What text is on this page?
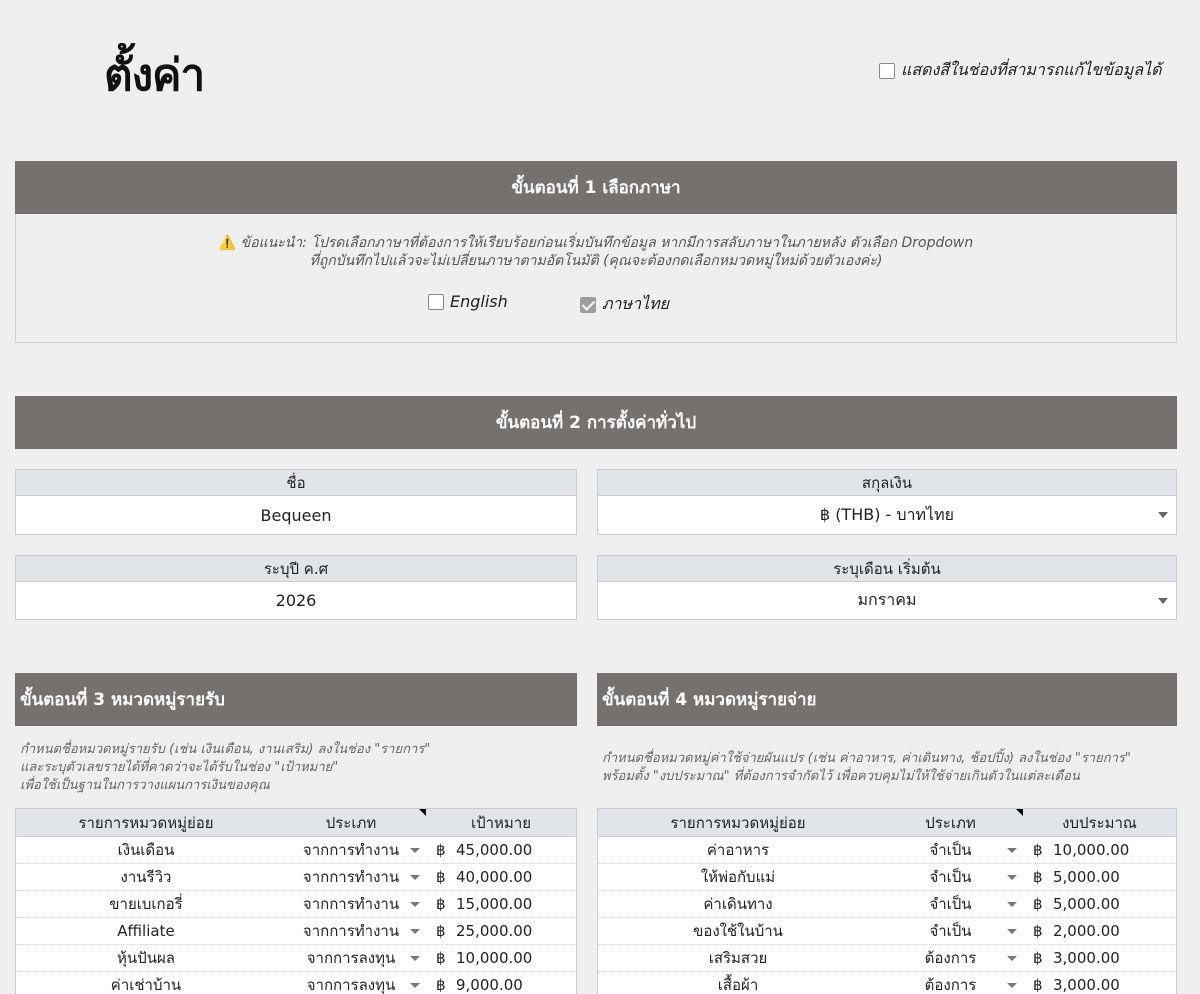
ตั้งค่า	แสดงสีในช่องที่สามารถแก้ไขข้อมูลได้
ขั้นตอนที่ 1 เลือกภาษา
⚠️ ข้อแนะนำ: โปรดเลือกภาษาที่ต้องการให้เรียบร้อยก่อนเริ่มบันทึกข้อมูล หากมีการสลับภาษาในภายหลัง ตัวเลือก Dropdown
ที่ถูกบันทึกไปแล้วจะไม่เปลี่ยนภาษาตามอัตโนมัติ (คุณจะต้องกดเลือกหมวดหมู่ใหม่ด้วยตัวเองค่ะ)
English	ภาษาไทย
ขั้นตอนที่ 2 การตั้งค่าทั่วไป
ชื่อ
Bequeen
สกุลเงิน
฿ (THB) - บาทไทย
ระบุปี ค.ศ
2026
ระบุเดือน เริ่มต้น
มกราคม
ขั้นตอนที่ 3 หมวดหมู่รายรับ
กำหนดชื่อหมวดหมู่รายรับ (เช่น เงินเดือน, งานเสริม) ลงในช่อง "รายการ"
และระบุตัวเลขรายได้ที่คาดว่าจะได้รับในช่อง "เป้าหมาย"
เพื่อใช้เป็นฐานในการวางแผนการเงินของคุณ
รายการหมวดหมู่ย่อย	ประเภท	เป้าหมาย
เงินเดือน	จากการทำงาน ฿ 45,000.00
งานรีวิว	จากการทำงาน ฿ 40,000.00
ขายเบเกอรี่	จากการทำงาน ฿ 15,000.00
Affiliate	จากการทำงาน ฿ 25,000.00
หุ้นปันผล	จากการลงทุน	฿ 10,000.00
ค่าเช่าบ้าน	จากการลงทุน	฿ 9,000.00
ขั้นตอนที่ 4 หมวดหมู่รายจ่าย
กำหนดชื่อหมวดหมู่ค่าใช้จ่ายผันแปร (เช่น ค่าอาหาร, ค่าเดินทาง, ช้อปปิ้ง) ลงในช่อง "รายการ"
พร้อมตั้ง "งบประมาณ" ที่ต้องการจำกัดไว้ เพื่อควบคุมไม่ให้ใช้จ่ายเกินตัวในแต่ละเดือน
รายการหมวดหมู่ย่อย	ประเภท	งบประมาณ
ค่าอาหาร	จำเป็น	฿ 10,000.00
ให้พ่อกับแม่	จำเป็น	฿ 5,000.00
ค่าเดินทาง	จำเป็น	฿ 5,000.00
ของใช้ในบ้าน	จำเป็น	฿ 2,000.00
เสริมสวย	ต้องการ	฿ 3,000.00
เสื้อผ้า	ต้องการ	฿ 3,000.00
